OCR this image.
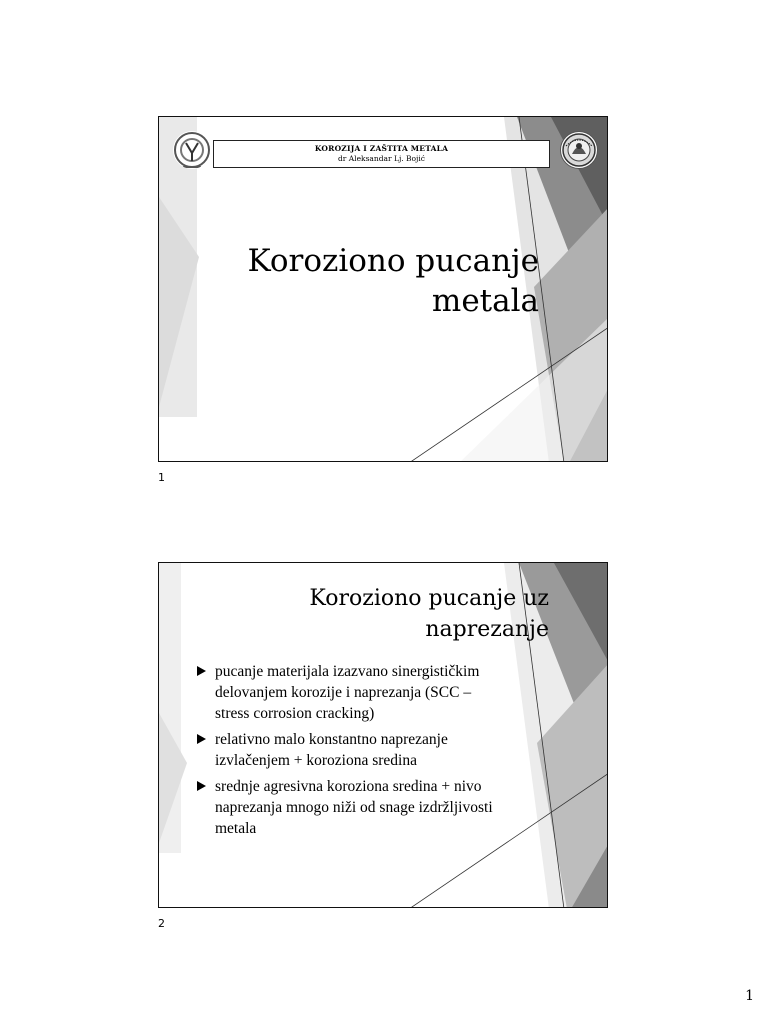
KOROZIJA I ZAŠTITA METALA
dr Aleksandar Lj. Bojić
Koroziono pucanje
metala
1
Koroziono pucanje uz
naprezanje
pucanje materijala izazvano sinergističkim
delovanjem korozije i naprezanja (SCC –
stress corrosion cracking)
relativno malo konstantno naprezanje
izvlačenjem + koroziona sredina
srednje agresivna koroziona sredina + nivo
naprezanja mnogo niži od snage izdržljivosti
metala
2
1
